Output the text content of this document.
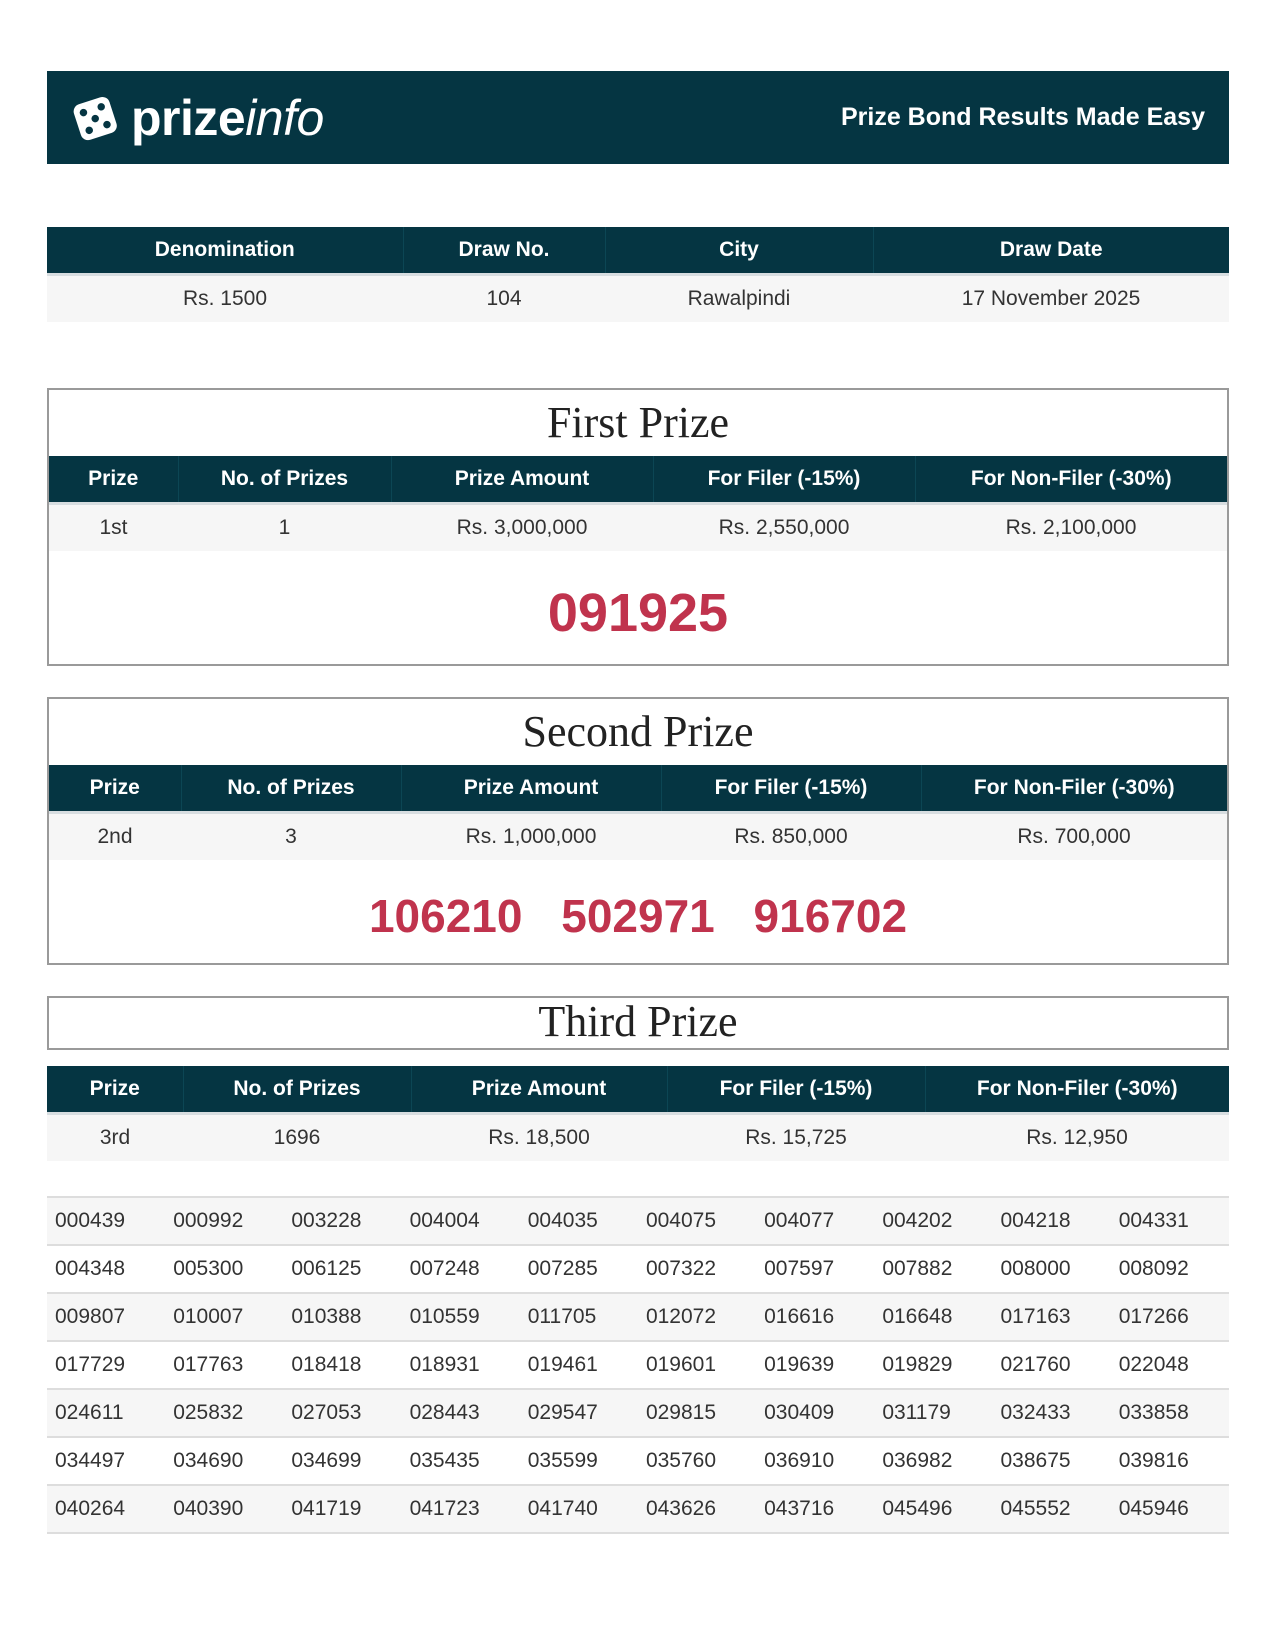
prizeinfo	Prize Bond Results Made Easy
Denomination	Draw No.	City	Draw Date
Rs. 1500	104	Rawalpindi	17 November 2025
First Prize
Prize	No. of Prizes	Prize Amount	For Filer (-15%)	For Non-Filer (-30%)
1st	1	Rs. 3,000,000	Rs. 2,550,000	Rs. 2,100,000
091925
Second Prize
Prize	No. of Prizes	Prize Amount	For Filer (-15%)	For Non-Filer (-30%)
2nd	3	Rs. 1,000,000	Rs. 850,000	Rs. 700,000
106210 502971 916702
Third Prize
Prize	No. of Prizes	Prize Amount	For Filer (-15%)	For Non-Filer (-30%)
3rd	1696	Rs. 18,500	Rs. 15,725	Rs. 12,950
000439	000992	003228	004004	004035	004075	004077	004202	004218	004331
004348	005300	006125	007248	007285	007322	007597	007882	008000	008092
009807	010007	010388	010559	011705	012072	016616	016648	017163	017266
017729	017763	018418	018931	019461	019601	019639	019829	021760	022048
024611	025832	027053	028443	029547	029815	030409	031179	032433	033858
034497	034690	034699	035435	035599	035760	036910	036982	038675	039816
040264	040390	041719	041723	041740	043626	043716	045496	045552	045946
